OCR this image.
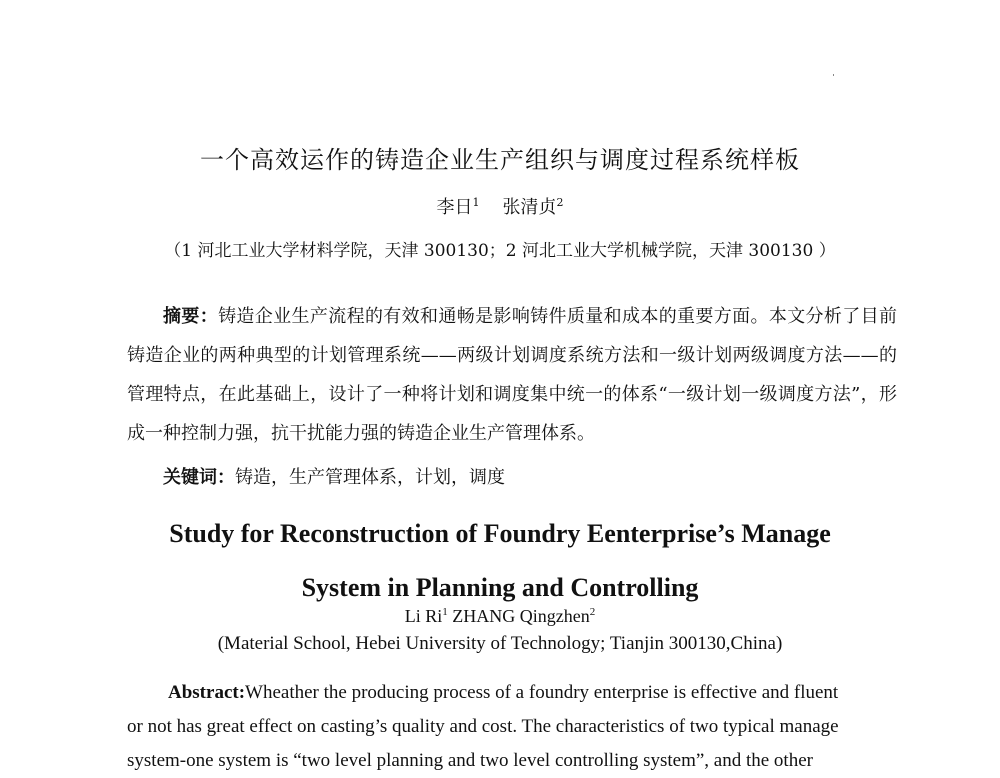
一个高效运作的铸造企业生产组织与调度过程系统样板
李日$^1$ 张清贞$^2$
（1 河北工业大学材料学院，天津 300130；2 河北工业大学机械学院，天津 300130 ）
摘要：铸造企业生产流程的有效和通畅是影响铸件质量和成本的重要方面。本文分析了目前铸造企业的两种典型的计划管理系统——两级计划调度系统方法和一级计划两级调度方法——的管理特点，在此基础上，设计了一种将计划和调度集中统一的体系“一级计划一级调度方法”，形成一种控制力强，抗干扰能力强的铸造企业生产管理体系。
关键词：铸造，生产管理体系，计划，调度
Study for Reconstruction of Foundry Eenterprise’s Manage
System in Planning and Controlling
Li Ri$^1$ ZHANG Qingzhen$^2$
(Material School, Hebei University of Technology; Tianjin 300130,China)
Abstract:Wheather the producing process of a foundry enterprise is effective and fluent
or not has great effect on casting’s quality and cost. The characteristics of two typical manage
system-one system is “two level planning and two level controlling system”, and the other
